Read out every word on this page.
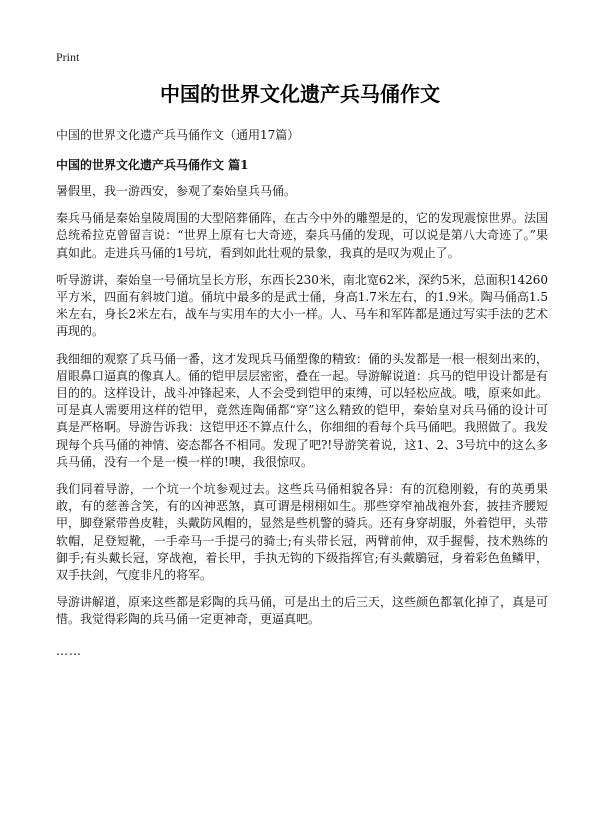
Print
中国的世界文化遗产兵马俑作文
中国的世界文化遗产兵马俑作文（通用17篇）
中国的世界文化遗产兵马俑作文 篇1
暑假里，我一游西安，参观了秦始皇兵马俑。
秦兵马俑是秦始皇陵周围的大型陪葬俑阵，在古今中外的雕塑是的，它的发现震惊世界。法国总统希拉克曾留言说：“世界上原有七大奇迹，秦兵马俑的发现，可以说是第八大奇迹了。”果真如此。走进兵马俑的1号坑，看到如此壮观的景象，我真的是叹为观止了。
听导游讲，秦始皇一号俑坑呈长方形，东西长230米，南北宽62米，深约5米，总面积14260平方米，四面有斜坡门道。俑坑中最多的是武士俑，身高1.7米左右，的1.9米。陶马俑高1.5米左右，身长2米左右，战车与实用车的大小一样。人、马车和军阵都是通过写实手法的艺术再现的。
我细细的观察了兵马俑一番，这才发现兵马俑塑像的精致：俑的头发都是一根一根刻出来的，眉眼鼻口逼真的像真人。俑的铠甲层层密密，叠在一起。导游解说道：兵马的铠甲设计都是有目的的。这样设计，战斗冲锋起来，人不会受到铠甲的束缚，可以轻松应战。哦，原来如此。可是真人需要用这样的铠甲，竟然连陶俑都“穿”这么精致的铠甲，秦始皇对兵马俑的设计可真是严格啊。导游告诉我：这铠甲还不算点什么，你细细的看每个兵马俑吧。我照做了。我发现每个兵马俑的神情、姿态都各不相同。发现了吧?!导游笑着说，这1、2、3号坑中的这么多兵马俑，没有一个是一模一样的!噢，我很惊叹。
我们同着导游，一个坑一个坑参观过去。这些兵马俑相貌各异：有的沉稳刚毅，有的英勇果敢，有的慈善含笑，有的凶神恶煞，真可谓是栩栩如生。那些穿窄袖战袍外套，披挂齐腰短甲，脚登紧带兽皮鞋，头戴防风帽的，显然是些机警的骑兵。还有身穿胡服，外着铠甲，头带软帽，足登短靴，一手牵马一手提弓的骑士;有头带长冠，两臂前伸，双手握髻，技术熟练的御手;有头戴长冠，穿战袍，着长甲，手执无钩的下级指挥官;有头戴鶡冠，身着彩色鱼鳞甲，双手扶剑，气度非凡的将军。
导游讲解道，原来这些都是彩陶的兵马俑，可是出土的后三天，这些颜色都氧化掉了，真是可惜。我觉得彩陶的兵马俑一定更神奇，更逼真吧。
……
